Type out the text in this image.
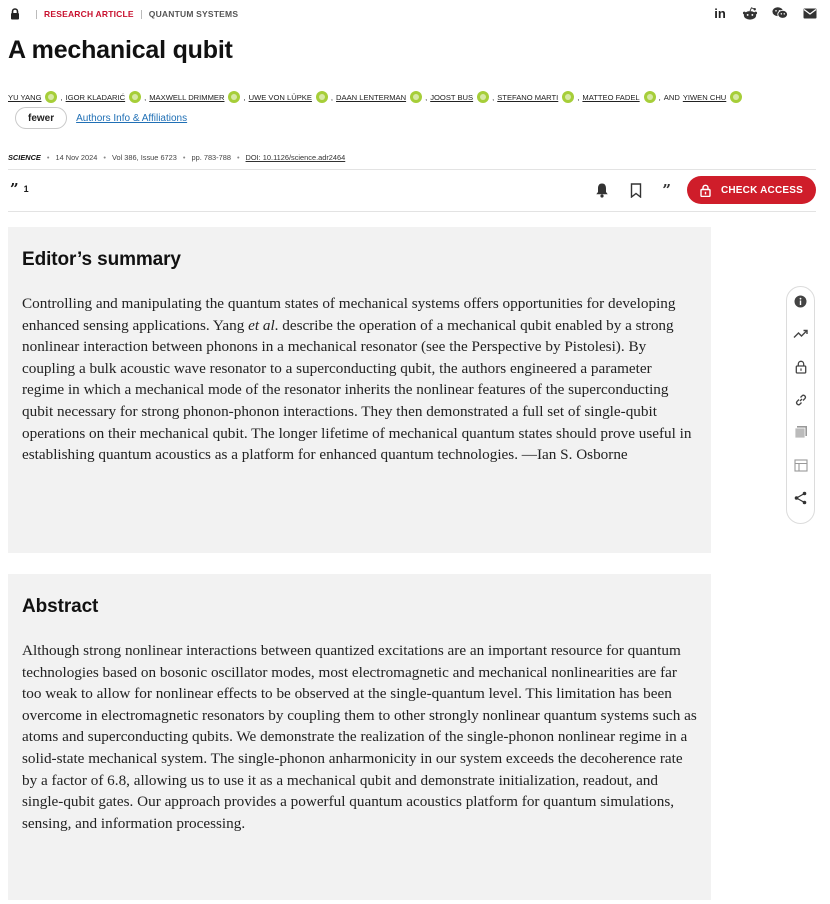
RESEARCH ARTICLE QUANTUM SYSTEMS	in
A mechanical qubit
YU YANG	, IGOR KLADARIĆ	, MAXWELL DRIMMER	, UWE VON LÜPKE	, DAAN LENTERMAN	, JOOST BUS	, STEFANO MARTI	, MATTEO FADEL	, AND YIWEN CHU
fewer	Authors Info & Affiliations
SCIENCE • 14 Nov 2024 • Vol 386, Issue 6723 • pp. 783-788 • DOI: 10.1126/science.adr2464
” 1	”	CHECK ACCESS
Editor’s summary

Controlling and manipulating the quantum states of mechanical systems offers opportunities for developing enhanced sensing applications. Yang et al. describe the operation of a mechanical qubit enabled by a strong nonlinear interaction between phonons in a mechanical resonator (see the Perspective by Pistolesi). By coupling a bulk acoustic wave resonator to a superconducting qubit, the authors engineered a parameter regime in which a mechanical mode of the resonator inherits the nonlinear features of the superconducting qubit necessary for strong phonon-phonon interactions. They then demonstrated a full set of single-qubit operations on their mechanical qubit. The longer lifetime of mechanical quantum states should prove useful in establishing quantum acoustics as a platform for enhanced quantum technologies. —Ian S. Osborne

Abstract

Although strong nonlinear interactions between quantized excitations are an important resource for quantum technologies based on bosonic oscillator modes, most electromagnetic and mechanical nonlinearities are far too weak to allow for nonlinear effects to be observed at the single-quantum level. This limitation has been overcome in electromagnetic resonators by coupling them to other strongly nonlinear quantum systems such as atoms and superconducting qubits. We demonstrate the realization of the single-phonon nonlinear regime in a solid-state mechanical system. The single-phonon anharmonicity in our system exceeds the decoherence rate by a factor of 6.8, allowing us to use it as a mechanical qubit and demonstrate initialization, readout, and single-qubit gates. Our approach provides a powerful quantum acoustics platform for quantum simulations, sensing, and information processing.
